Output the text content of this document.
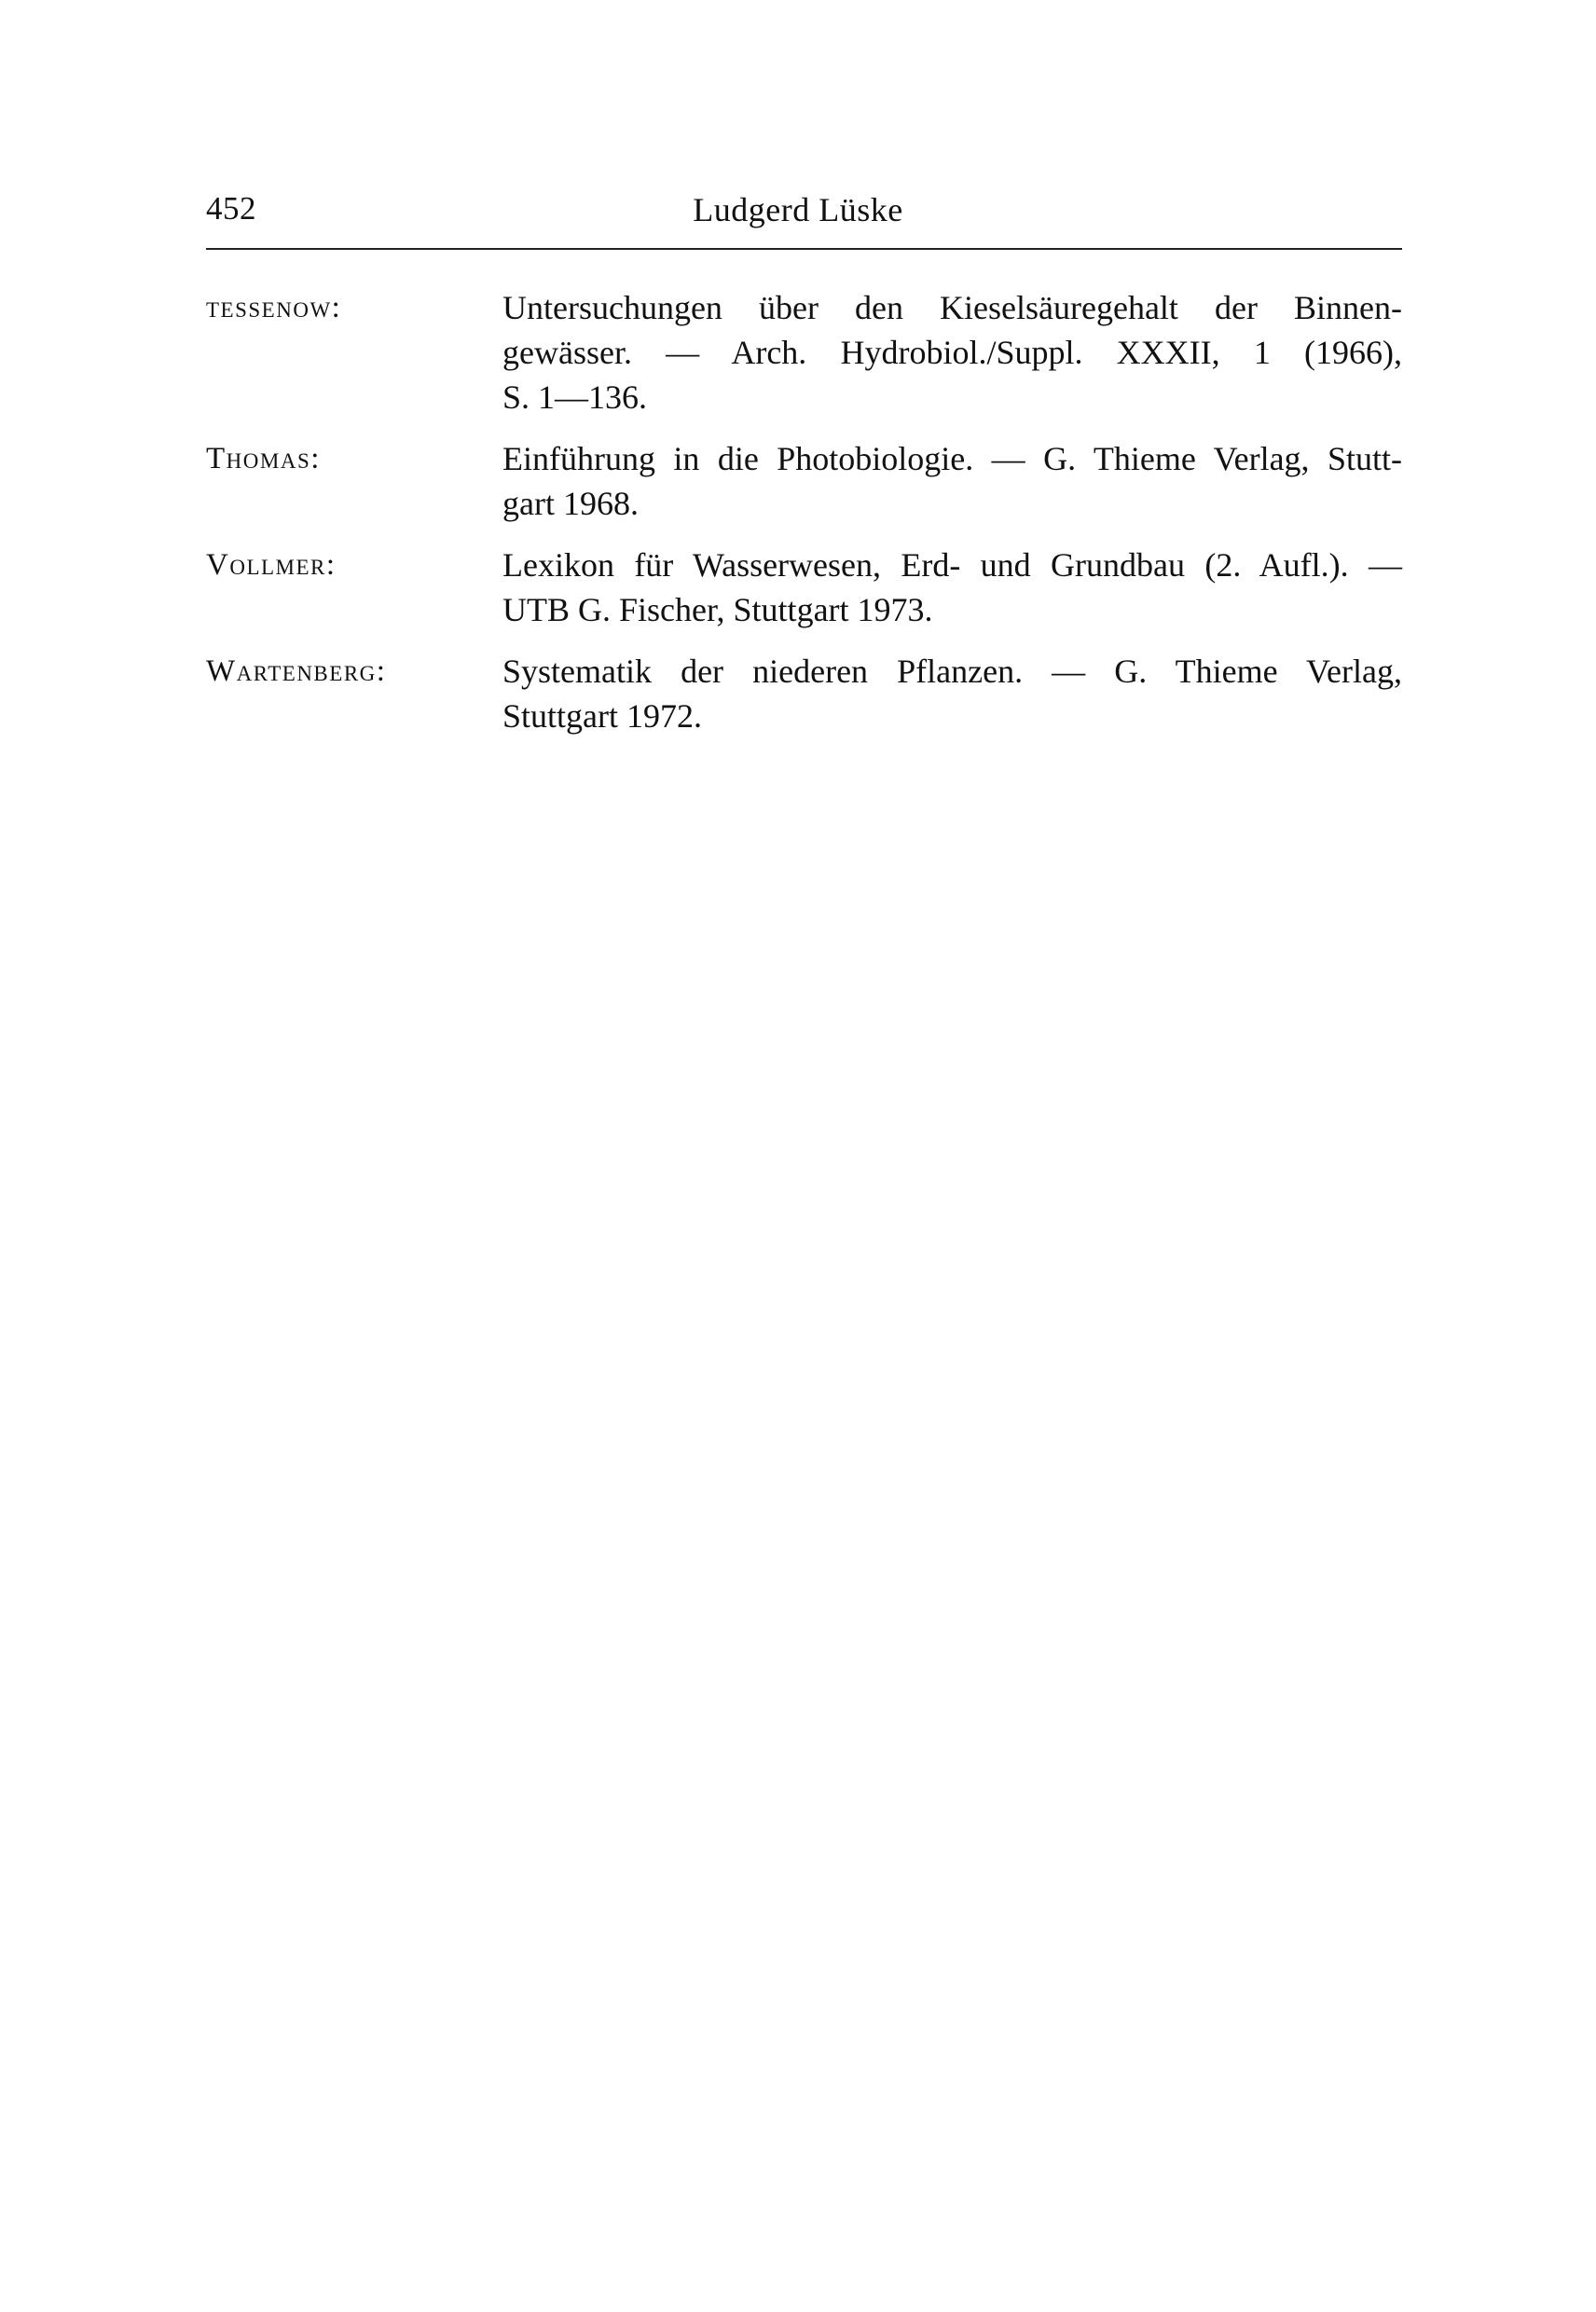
452	Ludgerd Lüske
tessenow:	Untersuchungen über den Kieselsäuregehalt der Binnen-
gewässer. — Arch. Hydrobiol./Suppl. XXXII, 1 (1966),
S. 1—136.
Thomas:	Einführung in die Photobiologie. — G. Thieme Verlag, Stutt-
gart 1968.
Vollmer:	Lexikon für Wasserwesen, Erd- und Grundbau (2. Aufl.). —
UTB G. Fischer, Stuttgart 1973.
Wartenberg:	Systematik der niederen Pflanzen. — G. Thieme Verlag,
Stuttgart 1972.
